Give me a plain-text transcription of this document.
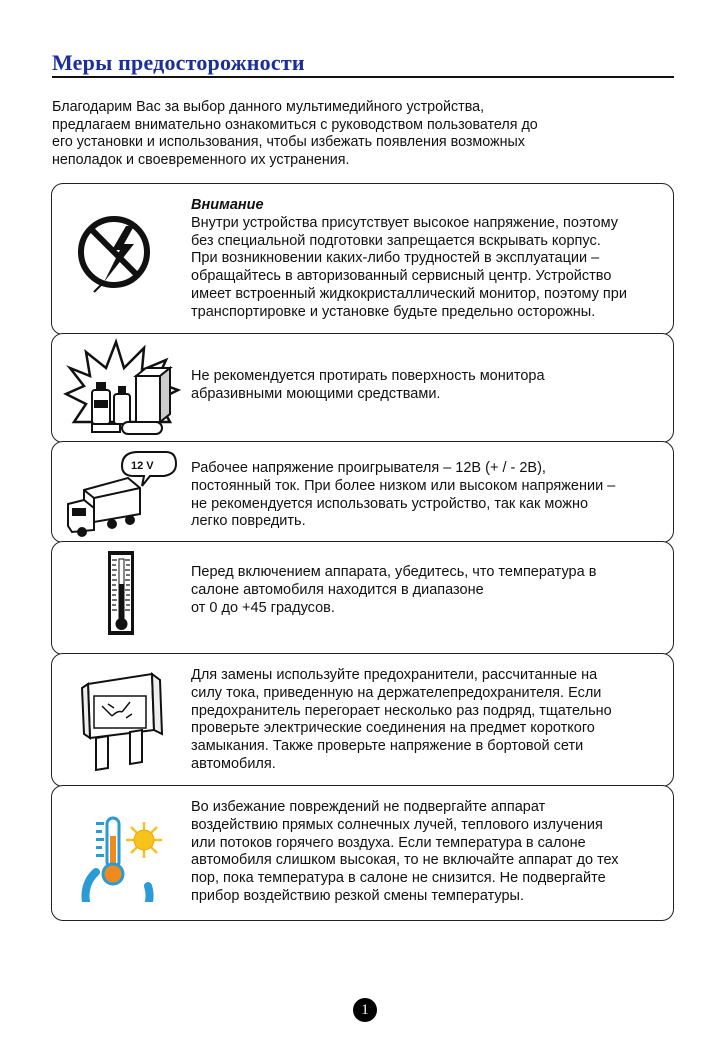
Меры предосторожности
Благодарим Вас за выбор данного мультимедийного устройства,
предлагаем внимательно ознакомиться с руководством пользователя до
его установки и использования, чтобы избежать появления возможных
неполадок и своевременного их устранения.
Внимание
Внутри устройства присутствует высокое напряжение, поэтому
без специальной подготовки запрещается вскрывать корпус.
При возникновении каких-либо трудностей в эксплуатации –
обращайтесь в авторизованный сервисный центр. Устройство
имеет встроенный жидкокристаллический монитор, поэтому при
транспортировке и установке будьте предельно осторожны.
Не рекомендуется протирать поверхность монитора
абразивными моющими средствами.
12 V	Рабочее напряжение проигрывателя – 12В (+ / - 2В),
постоянный ток. При более низком или высоком напряжении –
не рекомендуется использовать устройство, так как можно
легко повредить.
Перед включением аппарата, убедитесь, что температура в
салоне автомобиля находится в диапазоне
от 0 до +45 градусов.
Для замены используйте предохранители, рассчитанные на
силу тока, приведенную на держателепредохранителя. Если
предохранитель перегорает несколько раз подряд, тщательно
проверьте электрические соединения на предмет короткого
замыкания. Также проверьте напряжение в бортовой сети
автомобиля.
Во избежание повреждений не подвергайте аппарат
воздействию прямых солнечных лучей, теплового излучения
или потоков горячего воздуха. Если температура в салоне
автомобиля слишком высокая, то не включайте аппарат до тех
пор, пока температура в салоне не снизится. Не подвергайте
прибор воздействию резкой смены температуры.
1
